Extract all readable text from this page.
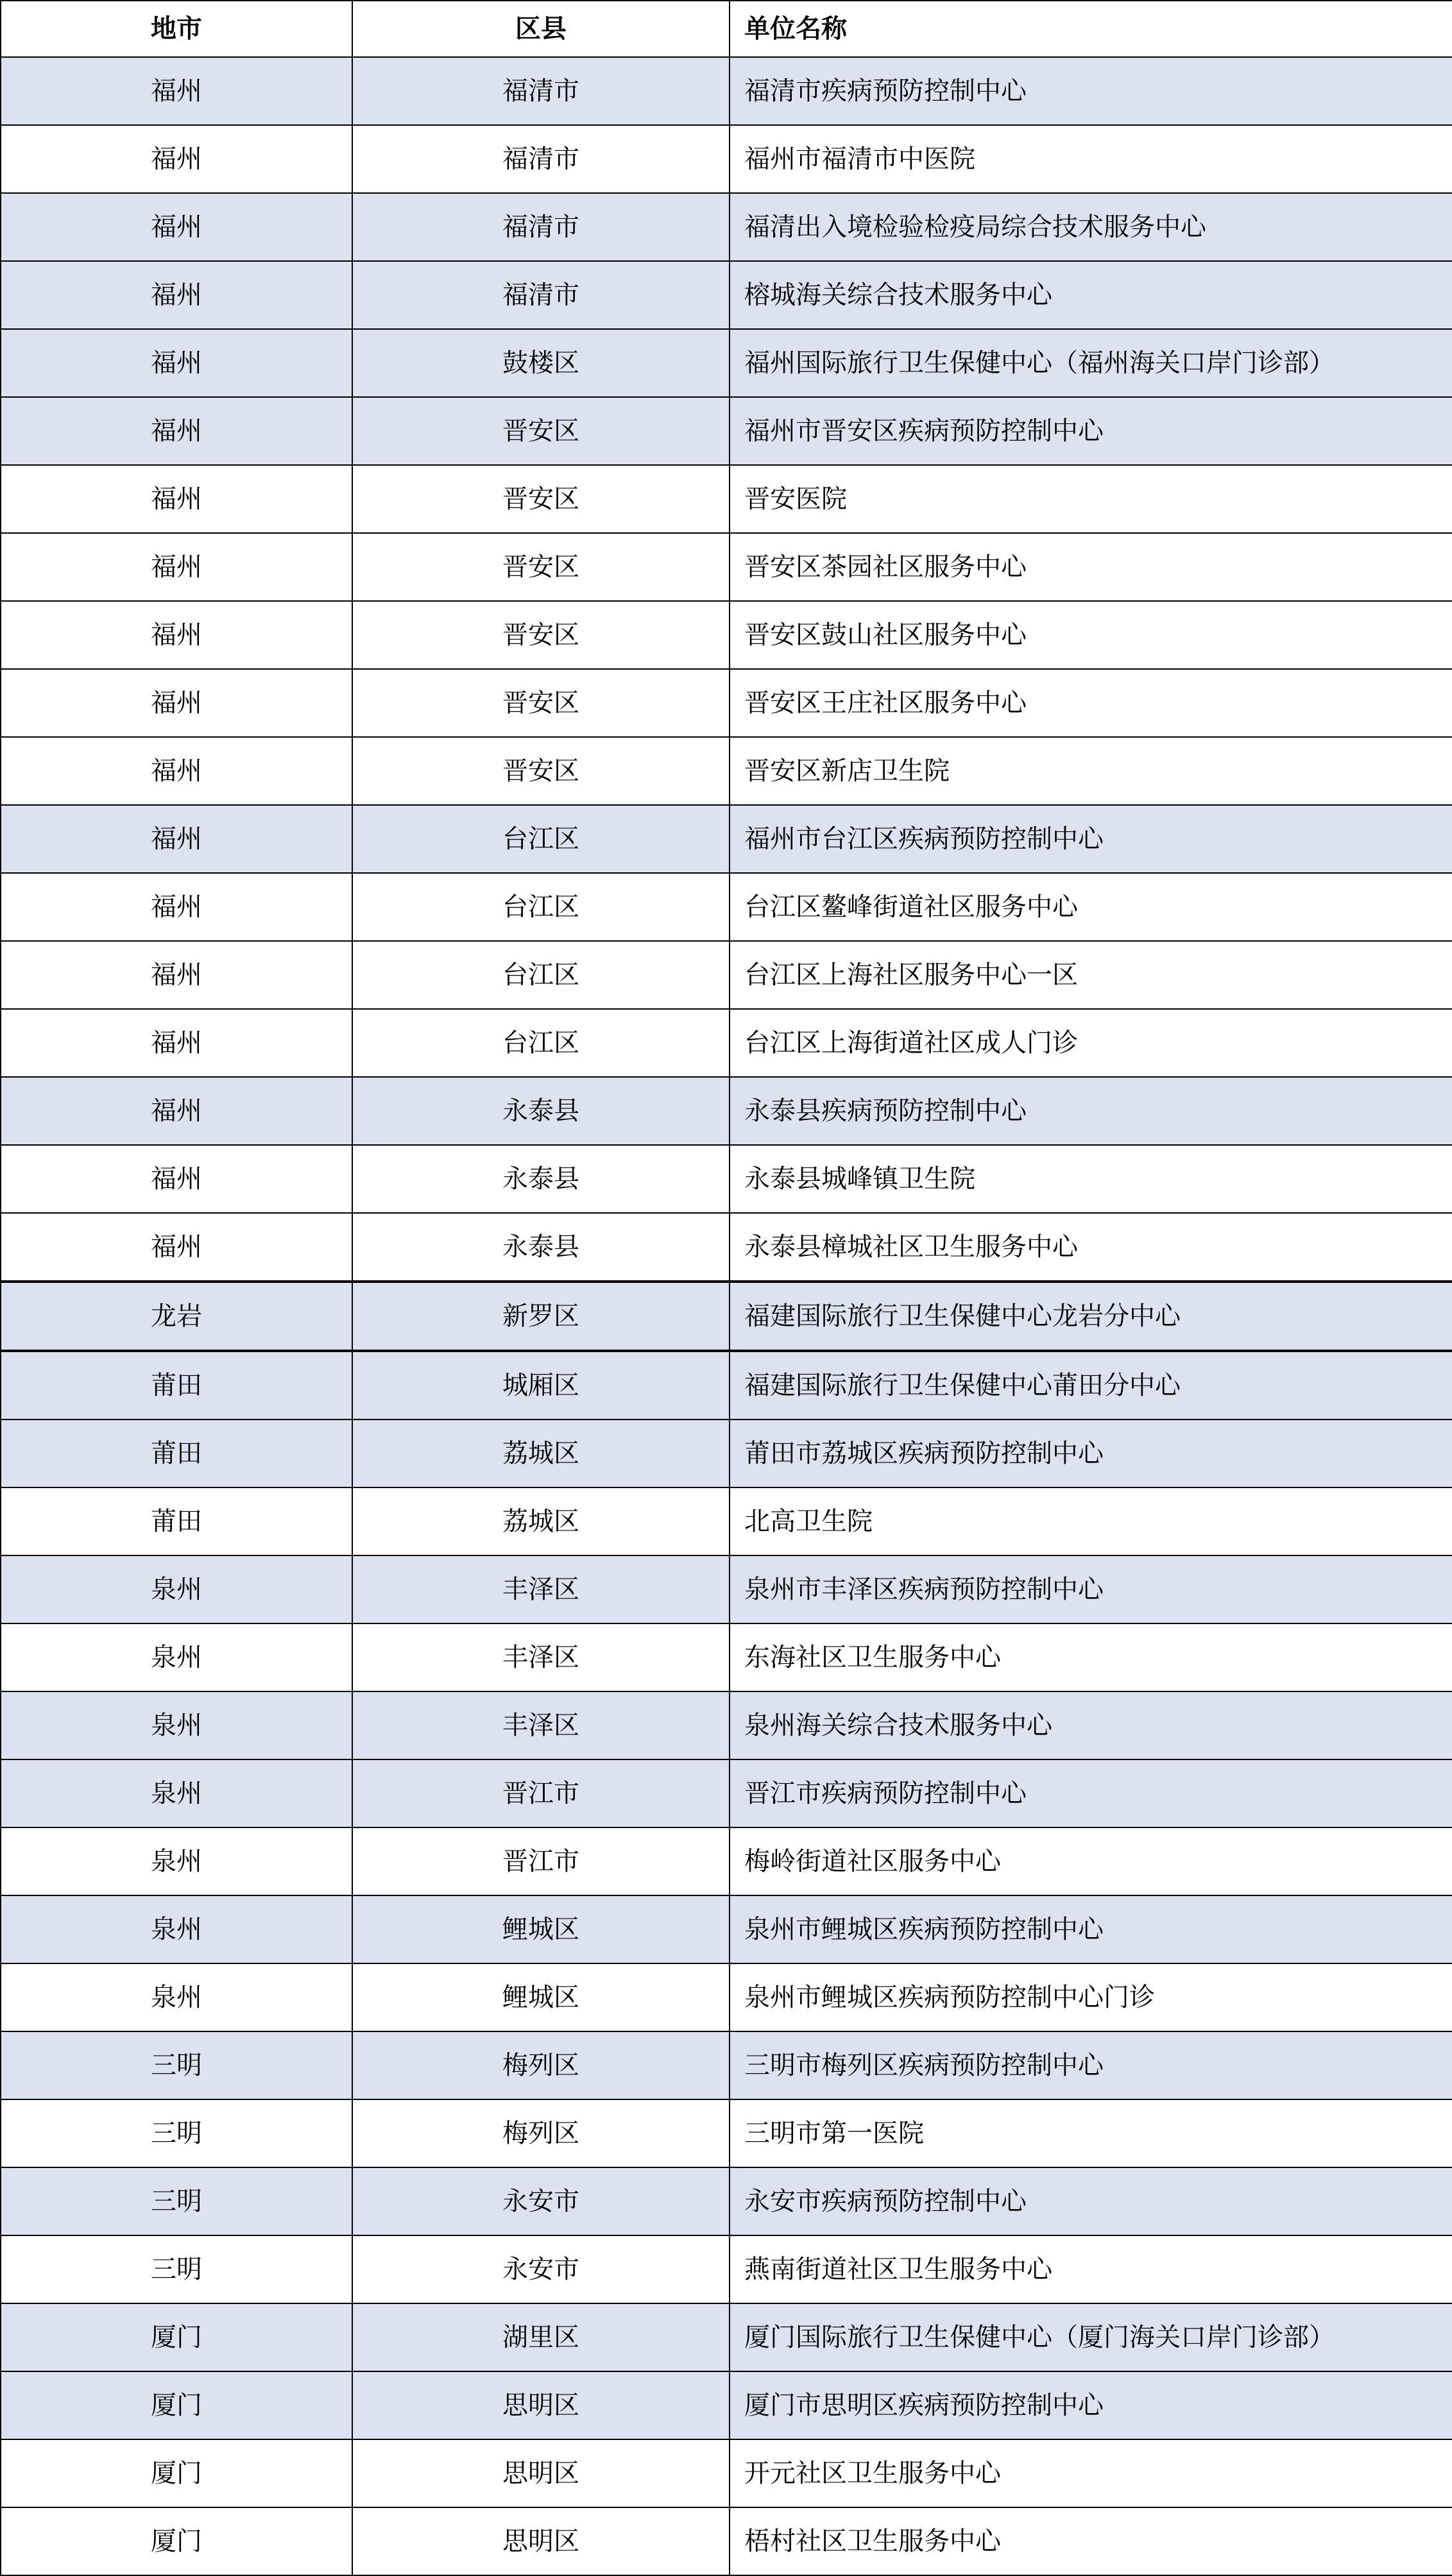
地市	区县	单位名称
福州	福清市	福清市疾病预防控制中心
福州	福清市	福州市福清市中医院
福州	福清市	福清出入境检验检疫局综合技术服务中心
福州	福清市	榕城海关综合技术服务中心
福州	鼓楼区	福州国际旅行卫生保健中心（福州海关口岸门诊部）
福州	晋安区	福州市晋安区疾病预防控制中心
福州	晋安区	晋安医院
福州	晋安区	晋安区茶园社区服务中心
福州	晋安区	晋安区鼓山社区服务中心
福州	晋安区	晋安区王庄社区服务中心
福州	晋安区	晋安区新店卫生院
福州	台江区	福州市台江区疾病预防控制中心
福州	台江区	台江区鳌峰街道社区服务中心
福州	台江区	台江区上海社区服务中心一区
福州	台江区	台江区上海街道社区成人门诊
福州	永泰县	永泰县疾病预防控制中心
福州	永泰县	永泰县城峰镇卫生院
福州	永泰县	永泰县樟城社区卫生服务中心
龙岩	新罗区	福建国际旅行卫生保健中心龙岩分中心
莆田	城厢区	福建国际旅行卫生保健中心莆田分中心
莆田	荔城区	莆田市荔城区疾病预防控制中心
莆田	荔城区	北高卫生院
泉州	丰泽区	泉州市丰泽区疾病预防控制中心
泉州	丰泽区	东海社区卫生服务中心
泉州	丰泽区	泉州海关综合技术服务中心
泉州	晋江市	晋江市疾病预防控制中心
泉州	晋江市	梅岭街道社区服务中心
泉州	鲤城区	泉州市鲤城区疾病预防控制中心
泉州	鲤城区	泉州市鲤城区疾病预防控制中心门诊
三明	梅列区	三明市梅列区疾病预防控制中心
三明	梅列区	三明市第一医院
三明	永安市	永安市疾病预防控制中心
三明	永安市	燕南街道社区卫生服务中心
厦门	湖里区	厦门国际旅行卫生保健中心（厦门海关口岸门诊部）
厦门	思明区	厦门市思明区疾病预防控制中心
厦门	思明区	开元社区卫生服务中心
厦门	思明区	梧村社区卫生服务中心
